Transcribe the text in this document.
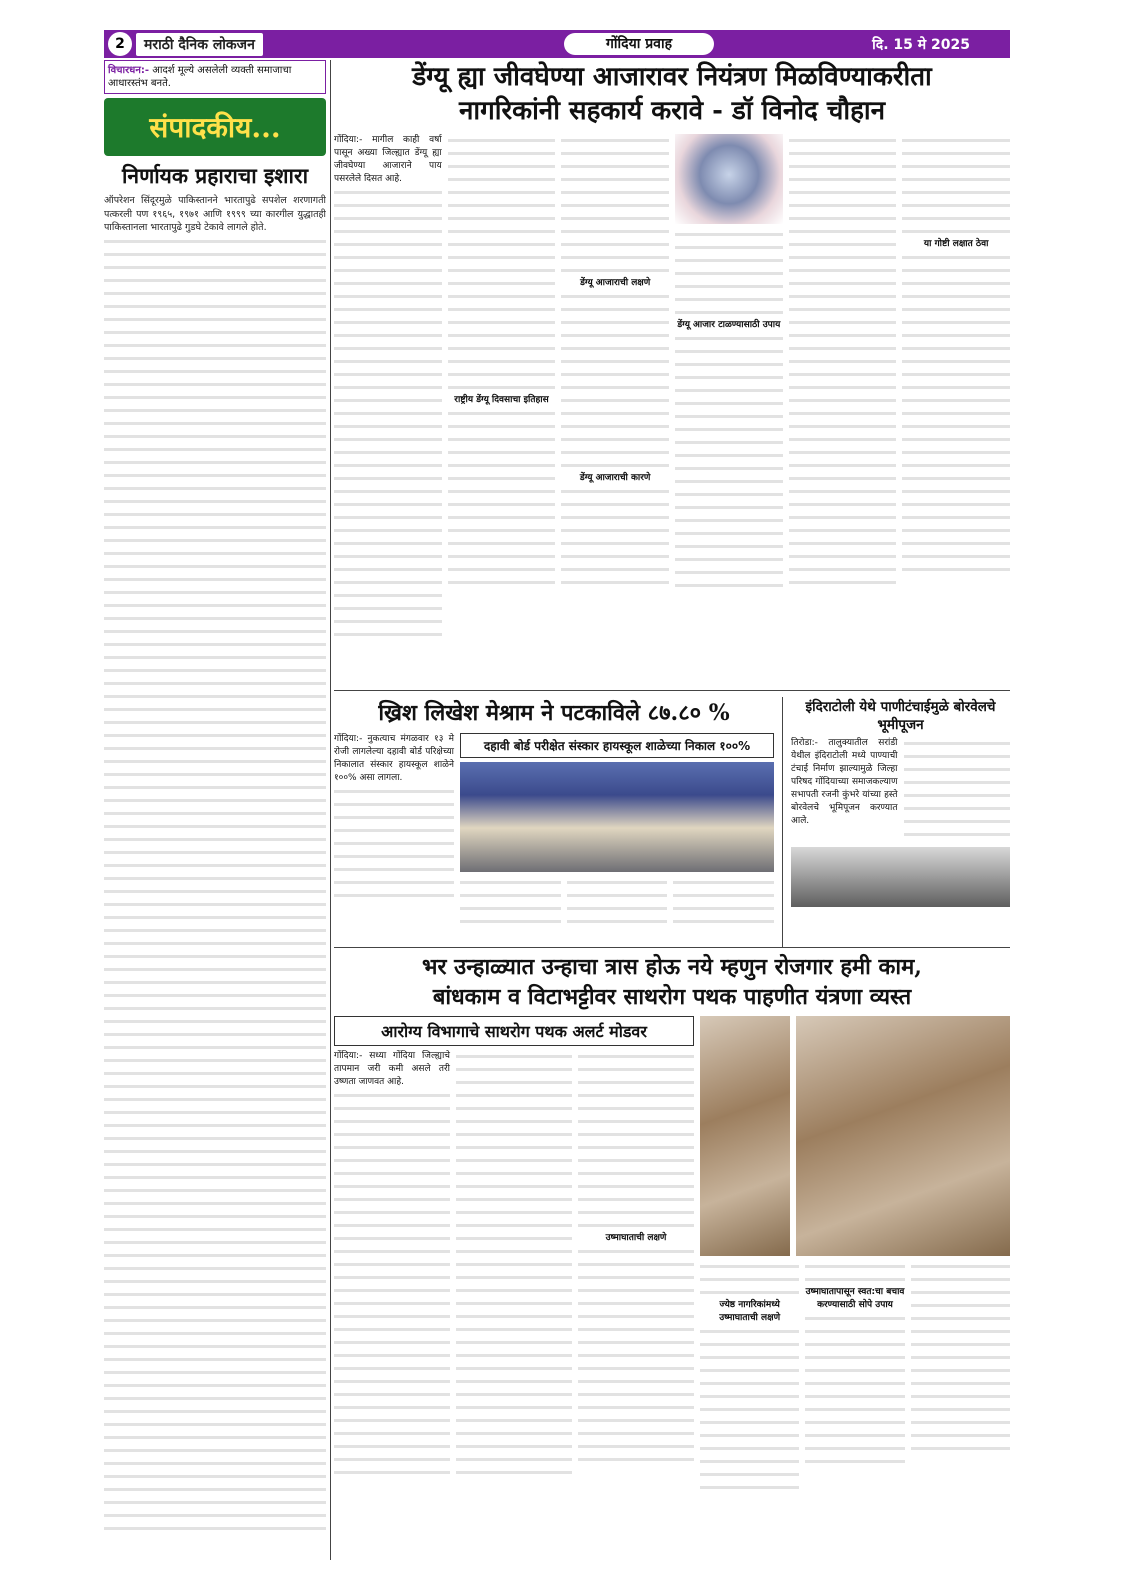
2	मराठी दैनिक लोकजन	गोंदिया प्रवाह	दि. 15 मे 2025
विचारधन:- आदर्श मूल्ये असलेली व्यक्ती समाजाचा आधारस्तंभ बनते.
संपादकीय...
निर्णायक प्रहाराचा इशारा
ऑपरेशन सिंदूरमुळे पाकिस्तानने भारतापुढे सपशेल शरणागती पत्करली पण १९६५, १९७१ आणि १९९९ च्या कारगील युद्धातही पाकिस्तानला भारतापुढे गुडघे टेकावे लागले होते.
डेंग्यू ह्या जीवघेण्या आजारावर नियंत्रण मिळविण्याकरीता
नागरिकांनी सहकार्य करावे - डॉ विनोद चौहान
गोंदिया:- मागील काही वर्षा पासून अख्या जिल्ह्यात डेंग्यू ह्या जीवघेण्या आजाराने पाय पसरलेले दिसत आहे.
राष्ट्रीय डेंग्यू दिवसाचा इतिहास
डेंग्यू आजाराची लक्षणे
डेंग्यू आजाराची कारणे
डेंग्यू आजार टाळण्यासाठी उपाय
या गोष्टी लक्षात ठेवा
ख्रिश लिखेश मेश्राम ने पटकाविले ८७.८० %
गोंदिया:- नुकत्याच मंगळवार १३ मे रोजी लागलेल्या दहावी बोर्ड परिक्षेच्या निकालात संस्कार हायस्कूल शाळेने १००% असा लागला.
दहावी बोर्ड परीक्षेत संस्कार हायस्कूल शाळेच्या निकाल १००%
इंदिराटोली येथे पाणीटंचाईमुळे बोरवेलचे भूमीपूजन
तिरोडा:- तालुक्यातील सरांडी येथील इंदिराटोली मध्ये पाण्याची टंचाई निर्माण झाल्यामुळे जिल्हा परिषद गोंदियाच्या समाजकल्याण सभापती रजनी कुंभरे यांच्या हस्ते बोरवेलचे भूमिपूजन करण्यात आले.
भर उन्हाळ्यात उन्हाचा त्रास होऊ नये म्हणुन रोजगार हमी काम,
बांधकाम व विटाभट्टीवर साथरोग पथक पाहणीत यंत्रणा व्यस्त
आरोग्य विभागाचे साथरोग पथक अलर्ट मोडवर
गोंदिया:- सध्या गोंदिया जिल्ह्याचे तापमान जरी कमी असले तरी उष्णता जाणवत आहे.
उष्माघाताची लक्षणे
ज्येष्ठ नागरिकांमध्ये उष्माघाताची लक्षणे
उष्माघातापासून स्वत:चा बचाव करण्यासाठी सोपे उपाय
